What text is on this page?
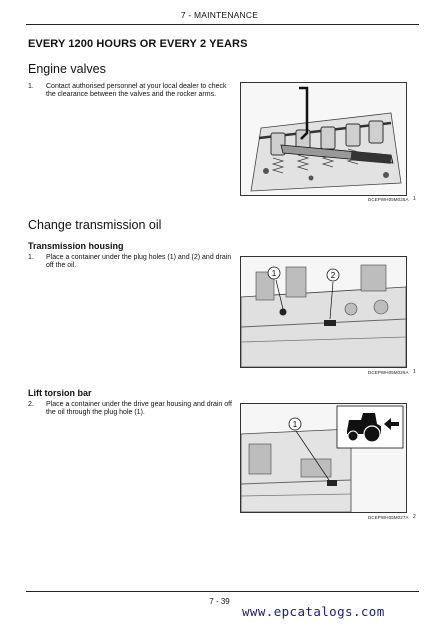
7 - MAINTENANCE
EVERY 1200 HOURS OR EVERY 2 YEARS
Engine valves
1.	Contact authorised personnel at your local dealer to check the clearance between the valves and the rocker arms.
DCEPWH05M025A 1
Change transmission oil
Transmission housing
1.	Place a container under the plug holes (1) and (2) and drain off the oil.
1	2
DCEPWH05M026A 1
Lift torsion bar
2.	Place a container under the drive gear housing and drain off the oil through the plug hole (1).
1
DCEPWH05M027A 2
7 - 39
www.epcatalogs.com
